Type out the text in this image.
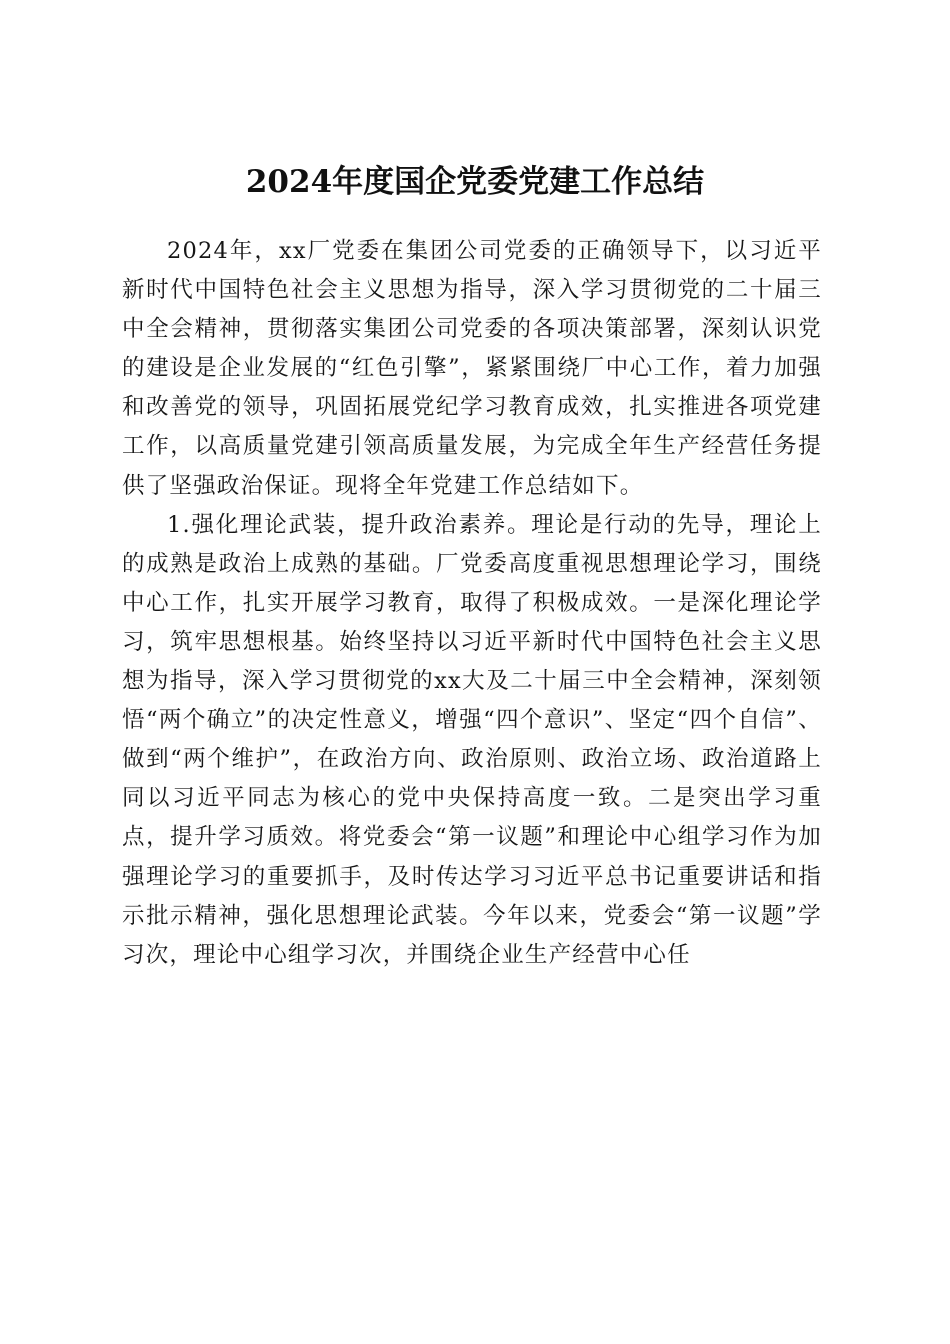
2024年度国企党委党建工作总结

2024年，xx厂党委在集团公司党委的正确领导下，以习近平新时代中国特色社会主义思想为指导，深入学习贯彻党的二十届三中全会精神，贯彻落实集团公司党委的各项决策部署，深刻认识党的建设是企业发展的“红色引擎”，紧紧围绕厂中心工作，着力加强和改善党的领导，巩固拓展党纪学习教育成效，扎实推进各项党建工作，以高质量党建引领高质量发展，为完成全年生产经营任务提供了坚强政治保证。现将全年党建工作总结如下。

1.强化理论武装，提升政治素养。理论是行动的先导，理论上的成熟是政治上成熟的基础。厂党委高度重视思想理论学习，围绕中心工作，扎实开展学习教育，取得了积极成效。一是深化理论学习，筑牢思想根基。始终坚持以习近平新时代中国特色社会主义思想为指导，深入学习贯彻党的xx大及二十届三中全会精神，深刻领悟“两个确立”的决定性意义，增强“四个意识”、坚定“四个自信”、做到“两个维护”，在政治方向、政治原则、政治立场、政治道路上同以习近平同志为核心的党中央保持高度一致。二是突出学习重点，提升学习质效。将党委会“第一议题”和理论中心组学习作为加强理论学习的重要抓手，及时传达学习习近平总书记重要讲话和指示批示精神，强化思想理论武装。今年以来，党委会“第一议题”学习次，理论中心组学习次，并围绕企业生产经营中心任
